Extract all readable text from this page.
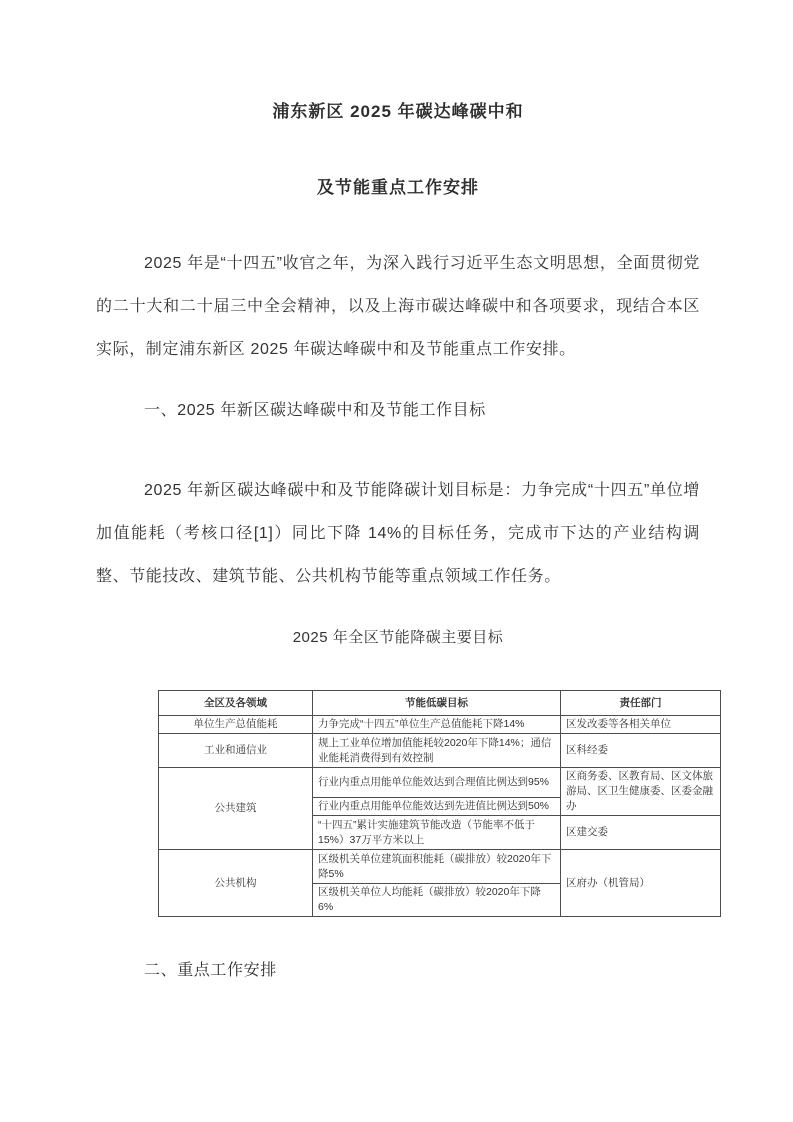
浦东新区 2025 年碳达峰碳中和
及节能重点工作安排

2025 年是“十四五”收官之年，为深入践行习近平生态文明思想，全面贯彻党的二十大和二十届三中全会精神，以及上海市碳达峰碳中和各项要求，现结合本区实际，制定浦东新区 2025 年碳达峰碳中和及节能重点工作安排。

一、2025 年新区碳达峰碳中和及节能工作目标

2025 年新区碳达峰碳中和及节能降碳计划目标是：力争完成“十四五”单位增加值能耗（考核口径[1]）同比下降 14%的目标任务，完成市下达的产业结构调整、节能技改、建筑节能、公共机构节能等重点领域工作任务。

2025 年全区节能降碳主要目标
全区及各领域	节能低碳目标	责任部门
单位生产总值能耗	力争完成“十四五”单位生产总值能耗下降14%	区发改委等各相关单位
工业和通信业	规上工业单位增加值能耗较2020年下降14%；通信业能耗消费得到有效控制	区科经委
公共建筑	行业内重点用能单位能效达到合理值比例达到95%	区商务委、区教育局、区文体旅游局、区卫生健康委、区委金融办
	行业内重点用能单位能效达到先进值比例达到50%	
	“十四五”累计实施建筑节能改造（节能率不低于15%）37万平方米以上	区建交委
公共机构	区级机关单位建筑面积能耗（碳排放）较2020年下降5%	区府办（机管局）
	区级机关单位人均能耗（碳排放）较2020年下降6%	
二、重点工作安排
